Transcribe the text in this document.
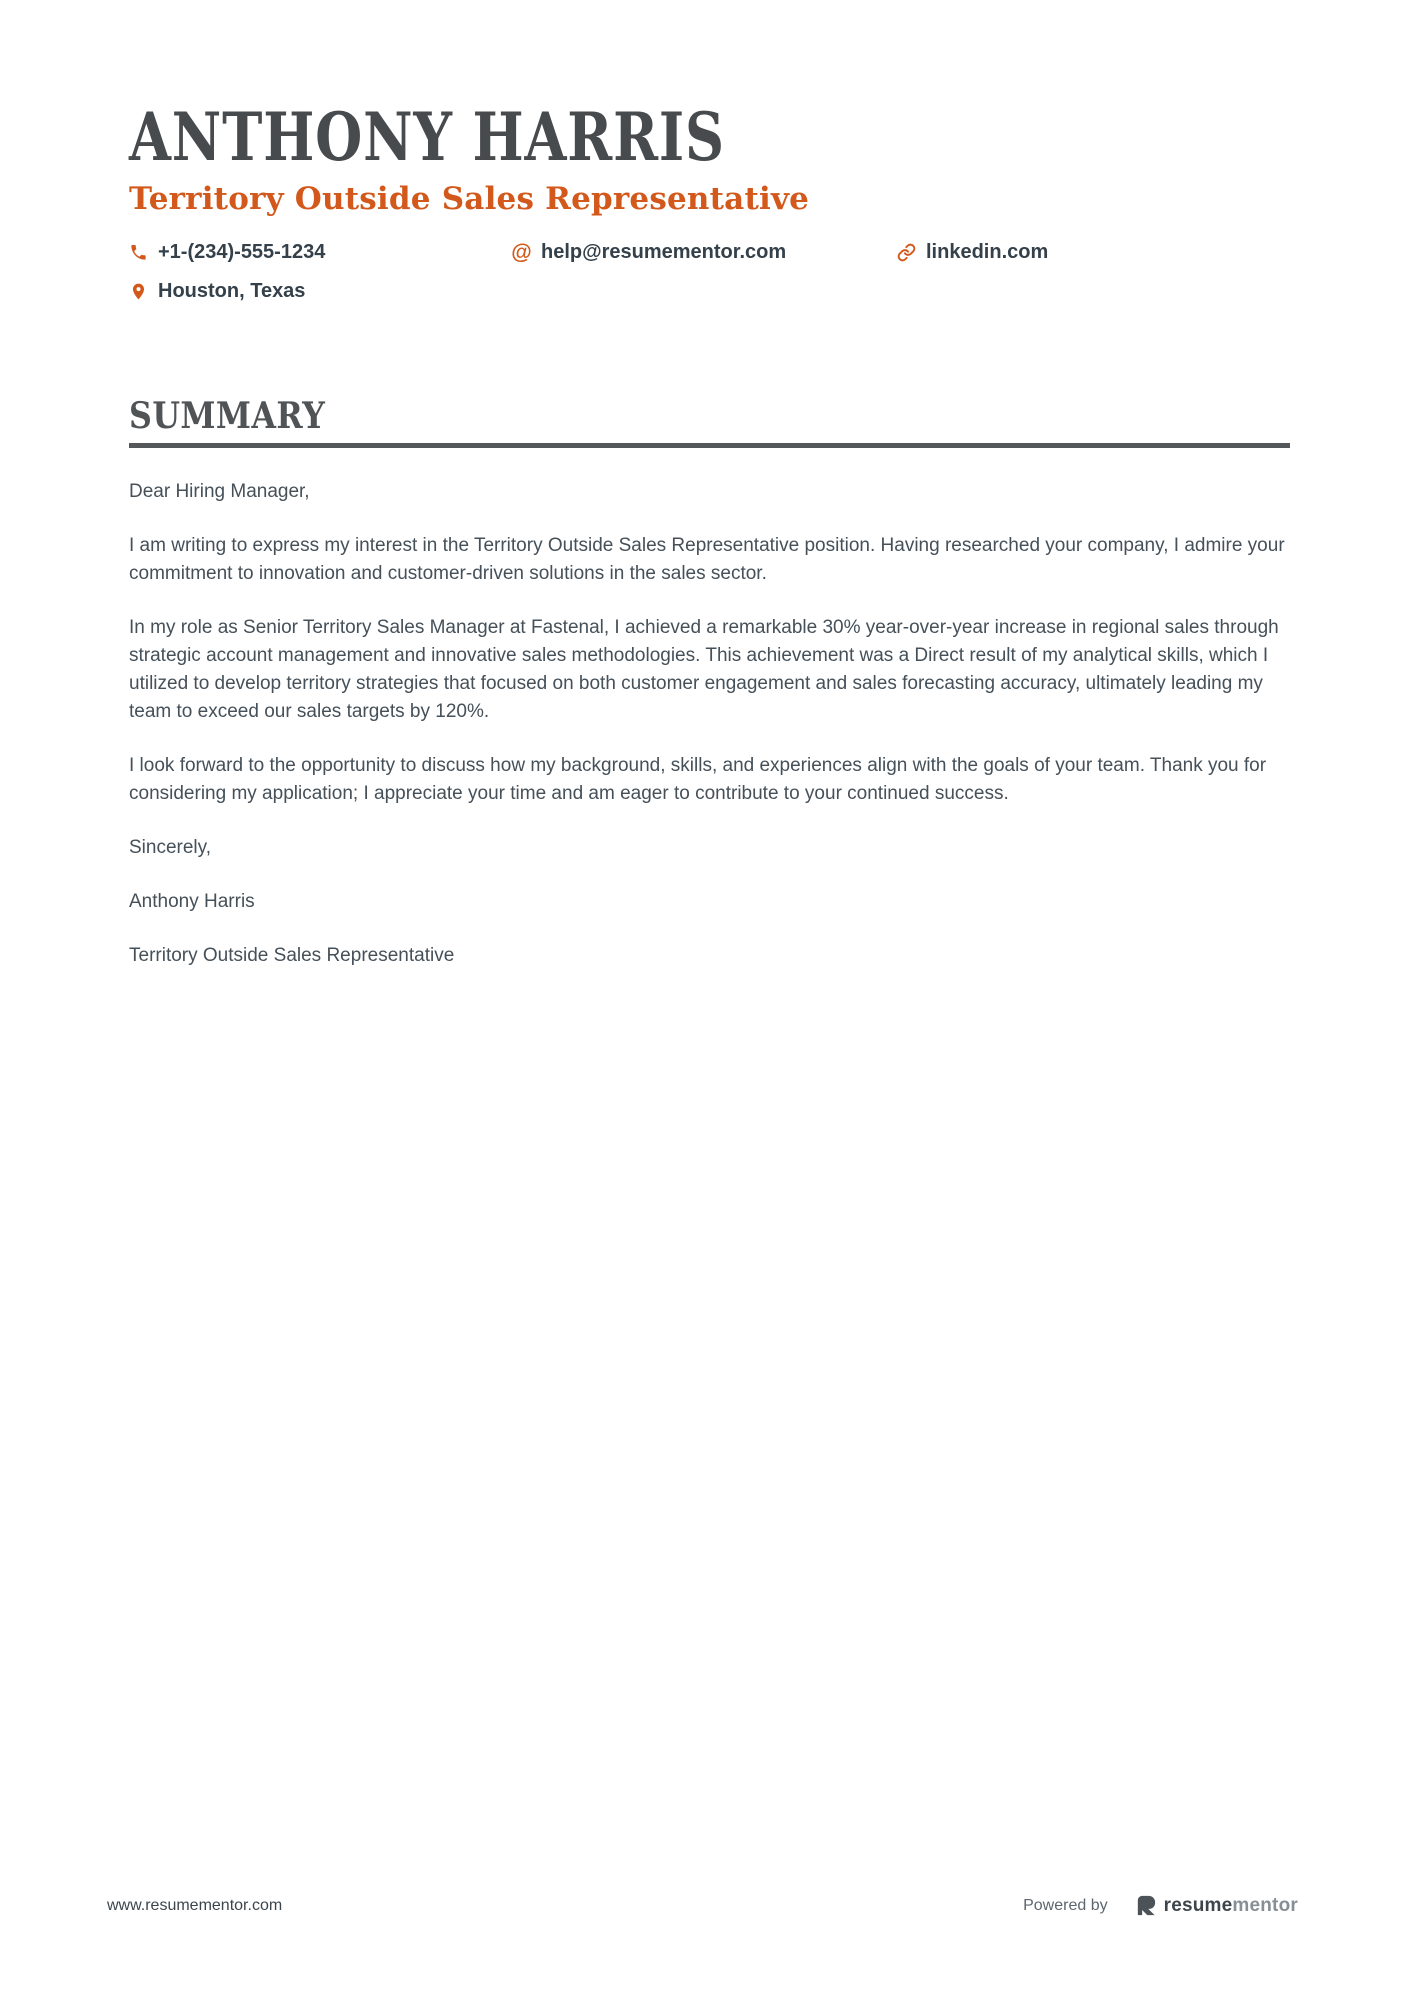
ANTHONY HARRIS
Territory Outside Sales Representative
+1-(234)-555-1234	@ help@resumementor.com	linkedin.com
Houston, Texas
SUMMARY

Dear Hiring Manager,

I am writing to express my interest in the Territory Outside Sales Representative position. Having researched your company, I admire your commitment to innovation and customer-driven solutions in the sales sector.

In my role as Senior Territory Sales Manager at Fastenal, I achieved a remarkable 30% year-over-year increase in regional sales through strategic account management and innovative sales methodologies. This achievement was a Direct result of my analytical skills, which I utilized to develop territory strategies that focused on both customer engagement and sales forecasting accuracy, ultimately leading my team to exceed our sales targets by 120%.

I look forward to the opportunity to discuss how my background, skills, and experiences align with the goals of your team. Thank you for considering my application; I appreciate your time and am eager to contribute to your continued success.

Sincerely,

Anthony Harris

Territory Outside Sales Representative

www.resumementor.com	Powered by	resumementor
